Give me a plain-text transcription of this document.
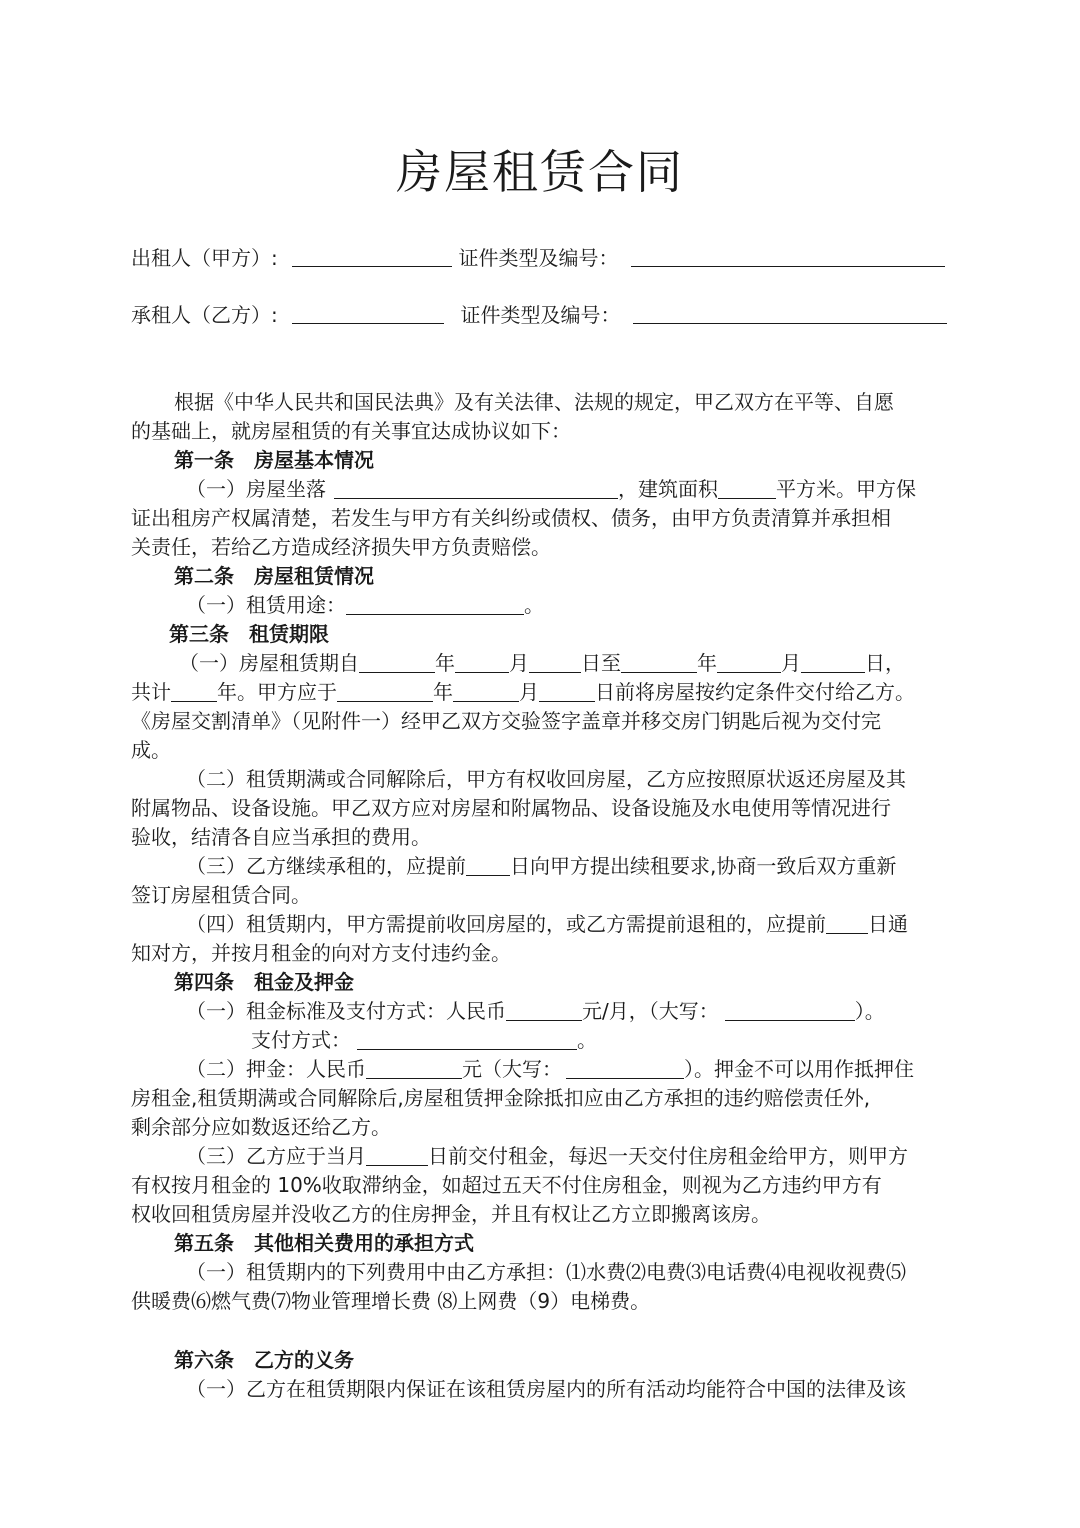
房屋租赁合同
出租人（甲方）:	证件类型及编号：
承租人（乙方）:	证件类型及编号：
根据《中华人民共和国民法典》及有关法律、法规的规定，甲乙双方在平等、自愿
的基础上，就房屋租赁的有关事宜达成协议如下：
第一条　房屋基本情况
（一）房屋坐落	，建筑面积	平方米。甲方保
证出租房产权属清楚，若发生与甲方有关纠纷或债权、债务，由甲方负责清算并承担相
关责任，若给乙方造成经济损失甲方负责赔偿。
第二条　房屋租赁情况
（一）租赁用途：	。
第三条　租赁期限
（一）房屋租赁期自	年	月	日至	年	月	日，
共计 年。甲方应于	年	月	日前将房屋按约定条件交付给乙方。
《房屋交割清单》（见附件一）经甲乙双方交验签字盖章并移交房门钥匙后视为交付完
成。
（二）租赁期满或合同解除后，甲方有权收回房屋，乙方应按照原状返还房屋及其
附属物品、设备设施。甲乙双方应对房屋和附属物品、设备设施及水电使用等情况进行
验收，结清各自应当承担的费用。
（三）乙方继续承租的，应提前 日向甲方提出续租要求,协商一致后双方重新
签订房屋租赁合同。
（四）租赁期内，甲方需提前收回房屋的，或乙方需提前退租的，应提前 日通
知对方，并按月租金的向对方支付违约金。
第四条　租金及押金
（一）租金标准及支付方式：人民币	元/月，（大写：	）。
支付方式：	。
（二）押金：人民币	元（大写：	）。押金不可以用作抵押住
房租金,租赁期满或合同解除后,房屋租赁押金除抵扣应由乙方承担的违约赔偿责任外,
剩余部分应如数返还给乙方。
（三）乙方应于当月	日前交付租金，每迟一天交付住房租金给甲方，则甲方
有权按月租金的 10%收取滞纳金，如超过五天不付住房租金，则视为乙方违约甲方有
权收回租赁房屋并没收乙方的住房押金，并且有权让乙方立即搬离该房。
第五条　其他相关费用的承担方式
（一）租赁期内的下列费用中由乙方承担：⑴水费⑵电费⑶电话费⑷电视收视费⑸
供暖费⑹燃气费⑺物业管理增长费 ⑻上网费（9）电梯费。
第六条　乙方的义务
（一）乙方在租赁期限内保证在该租赁房屋内的所有活动均能符合中国的法律及该
